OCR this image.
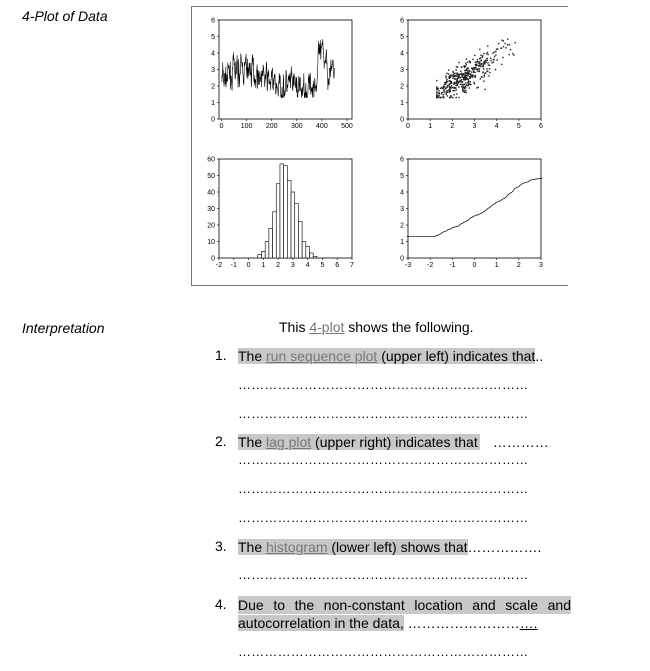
4-Plot of Data
0
1
2
3
4
5
6
0 100 200 300 400 500
0
1
2
3
4
5
6
0	1	2	3	4	5	6
0
10
20
30
40
50
60
-2 -1 0 1 2 3 4 5 6 7
0
1
2
3
4
5
6
-3 -2 -1 0	1	2	3
Interpretation	This 4-plot shows the following.
1. The run sequence plot (upper left) indicates that..
…………………………………………………………
…………………………………………………………
2. The lag plot (upper right) indicates that …………
…………………………………………………………
…………………………………………………………
…………………………………………………………
3. The histogram (lower left) shows that…………….
…………………………………………………………
4. Due to the non-constant location and scale and
autocorrelation in the data, ……………………….
…………………………………………………………
